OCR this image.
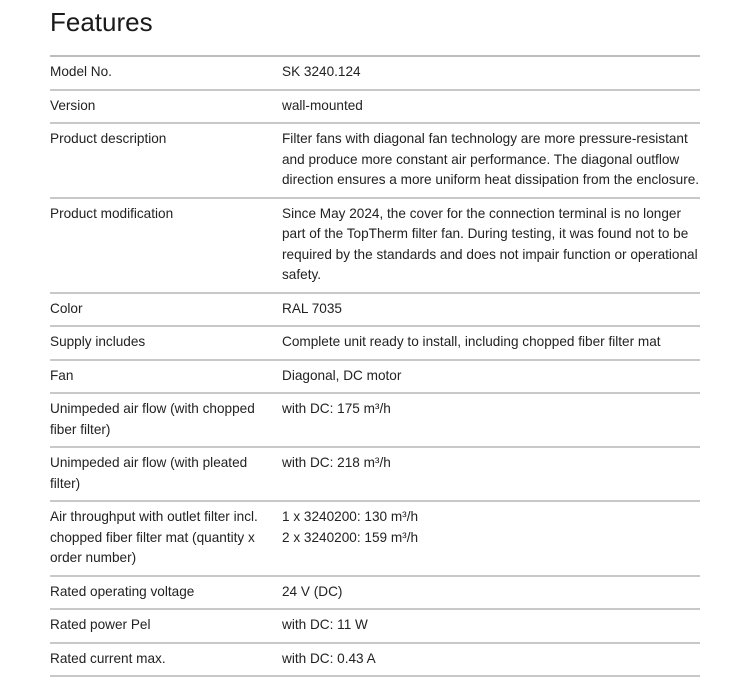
Features
Model No.	SK 3240.124
Version	wall-mounted
Product description	Filter fans with diagonal fan technology are more pressure-resistant and produce more constant air performance. The diagonal outflow direction ensures a more uniform heat dissipation from the enclosure.
Product modification	Since May 2024, the cover for the connection terminal is no longer part of the TopTherm filter fan. During testing, it was found not to be required by the standards and does not impair function or operational safety.
Color	RAL 7035
Supply includes	Complete unit ready to install, including chopped fiber filter mat
Fan	Diagonal, DC motor
Unimpeded air flow (with chopped fiber filter)	with DC: 175 m³/h
Unimpeded air flow (with pleated filter)	with DC: 218 m³/h
Air throughput with outlet filter incl. chopped fiber filter mat (quantity x order number)	1 x 3240200: 130 m³/h
2 x 3240200: 159 m³/h
Rated operating voltage	24 V (DC)
Rated power Pel	with DC: 11 W
Rated current max.	with DC: 0.43 A
